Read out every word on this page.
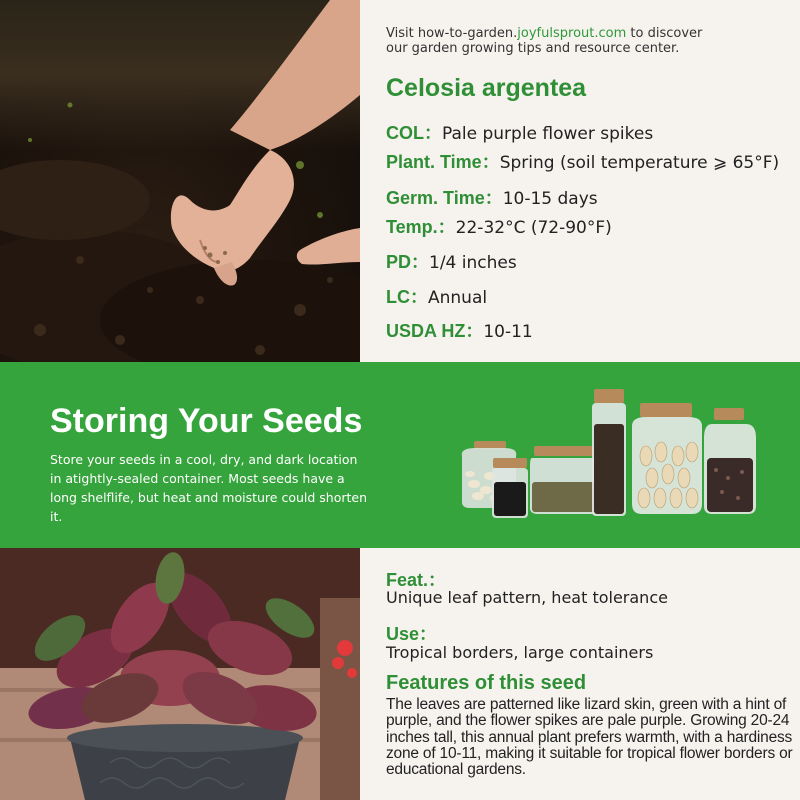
Visit how-to-garden.joyfulsprout.com to discover
our garden growing tips and resource center.
Celosia argentea
COL：Pale purple flower spikes
Plant. Time：Spring (soil temperature ⩾ 65°F)
Germ. Time：10-15 days
Temp.：22-32°C (72-90°F)
PD：1/4 inches
LC：Annual
USDA HZ：10-11
Storing Your Seeds
Store your seeds in a cool, dry, and dark location in atightly-sealed container. Most seeds have a long shelflife, but heat and moisture could shorten it.
Feat.：
Unique leaf pattern, heat tolerance
Use：
Tropical borders, large containers
Features of this seed
The leaves are patterned like lizard skin, green with a hint of purple, and the flower spikes are pale purple. Growing 20-24 inches tall, this annual plant prefers warmth, with a hardiness zone of 10-11, making it suitable for tropical flower borders or educational gardens.
